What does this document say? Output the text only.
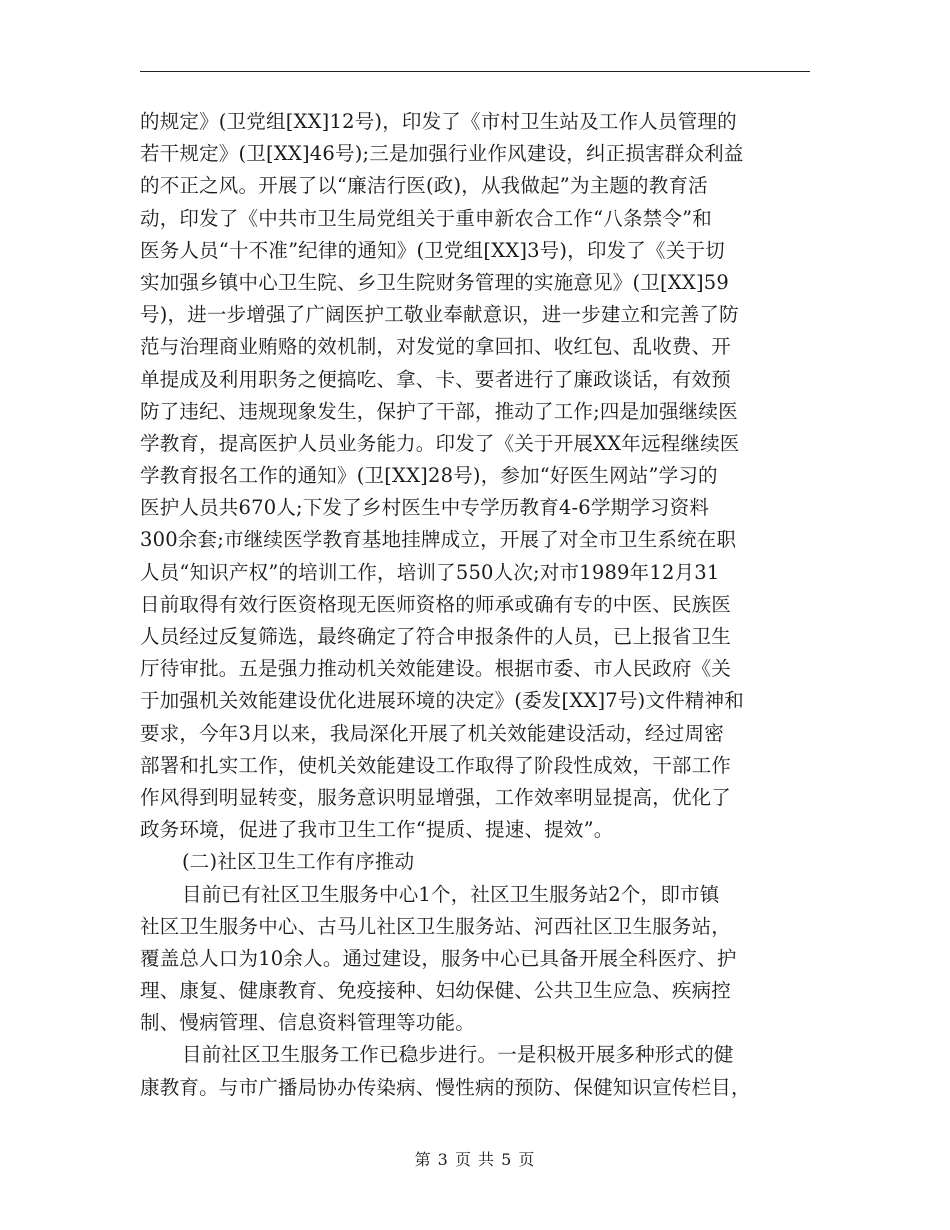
的规定》(卫党组[XX]12号)，印发了《市村卫生站及工作人员管理的
若干规定》(卫[XX]46号);三是加强行业作风建设，纠正损害群众利益
的不正之风。开展了以“廉洁行医(政)，从我做起”为主题的教育活
动，印发了《中共市卫生局党组关于重申新农合工作“八条禁令”和
医务人员“十不准”纪律的通知》(卫党组[XX]3号)，印发了《关于切
实加强乡镇中心卫生院、乡卫生院财务管理的实施意见》(卫[XX]59
号)，进一步增强了广阔医护工敬业奉献意识，进一步建立和完善了防
范与治理商业贿赂的效机制，对发觉的拿回扣、收红包、乱收费、开
单提成及利用职务之便搞吃、拿、卡、要者进行了廉政谈话，有效预
防了违纪、违规现象发生，保护了干部，推动了工作;四是加强继续医
学教育，提高医护人员业务能力。印发了《关于开展XX年远程继续医
学教育报名工作的通知》(卫[XX]28号)，参加“好医生网站”学习的
医护人员共670人;下发了乡村医生中专学历教育4-6学期学习资料
300余套;市继续医学教育基地挂牌成立，开展了对全市卫生系统在职
人员“知识产权”的培训工作，培训了550人次;对市1989年12月31
日前取得有效行医资格现无医师资格的师承或确有专的中医、民族医
人员经过反复筛选，最终确定了符合申报条件的人员，已上报省卫生
厅待审批。五是强力推动机关效能建设。根据市委、市人民政府《关
于加强机关效能建设优化进展环境的决定》(委发[XX]7号)文件精神和
要求，今年3月以来，我局深化开展了机关效能建设活动，经过周密
部署和扎实工作，使机关效能建设工作取得了阶段性成效，干部工作
作风得到明显转变，服务意识明显增强，工作效率明显提高，优化了
政务环境，促进了我市卫生工作“提质、提速、提效”。
(二)社区卫生工作有序推动
目前已有社区卫生服务中心1个，社区卫生服务站2个，即市镇
社区卫生服务中心、古马儿社区卫生服务站、河西社区卫生服务站，
覆盖总人口为10余人。通过建设，服务中心已具备开展全科医疗、护
理、康复、健康教育、免疫接种、妇幼保健、公共卫生应急、疾病控
制、慢病管理、信息资料管理等功能。
目前社区卫生服务工作已稳步进行。一是积极开展多种形式的健
康教育。与市广播局协办传染病、慢性病的预防、保健知识宣传栏目，
第 3 页 共 5 页
